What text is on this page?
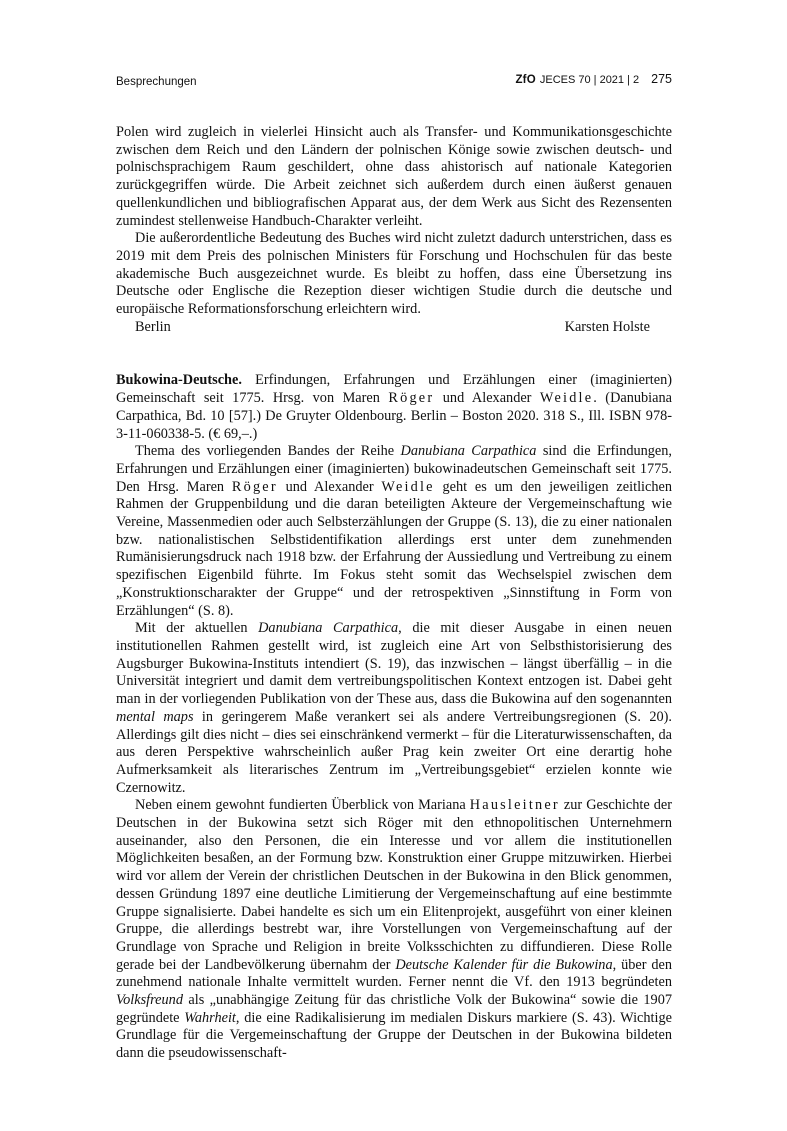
Besprechungen	ZfO JECES 70 | 2021 | 2 275

Polen wird zugleich in vielerlei Hinsicht auch als Transfer- und Kommunikationsgeschichte zwischen dem Reich und den Ländern der polnischen Könige sowie zwischen deutsch- und polnischsprachigem Raum geschildert, ohne dass ahistorisch auf nationale Kategorien zurückgegriffen würde. Die Arbeit zeichnet sich außerdem durch einen äußerst genauen quellenkundlichen und bibliografischen Apparat aus, der dem Werk aus Sicht des Rezensenten zumindest stellenweise Handbuch-Charakter verleiht.

Die außerordentliche Bedeutung des Buches wird nicht zuletzt dadurch unterstrichen, dass es 2019 mit dem Preis des polnischen Ministers für Forschung und Hochschulen für das beste akademische Buch ausgezeichnet wurde. Es bleibt zu hoffen, dass eine Übersetzung ins Deutsche oder Englische die Rezeption dieser wichtigen Studie durch die deutsche und europäische Reformationsforschung erleichtern wird.

Berlin	Karsten Holste

Bukowina-Deutsche. Erfindungen, Erfahrungen und Erzählungen einer (imaginierten) Gemeinschaft seit 1775. Hrsg. von Maren Röger und Alexander Weidle. (Danubiana Carpathica, Bd. 10 [57].) De Gruyter Oldenbourg. Berlin – Boston 2020. 318 S., Ill. ISBN 978-3-11-060338-5. (€ 69,–.)

Thema des vorliegenden Bandes der Reihe Danubiana Carpathica sind die Erfindungen, Erfahrungen und Erzählungen einer (imaginierten) bukowinadeutschen Gemeinschaft seit 1775. Den Hrsg. Maren Röger und Alexander Weidle geht es um den jeweiligen zeitlichen Rahmen der Gruppenbildung und die daran beteiligten Akteure der Vergemeinschaftung wie Vereine, Massenmedien oder auch Selbsterzählungen der Gruppe (S. 13), die zu einer nationalen bzw. nationalistischen Selbstidentifikation allerdings erst unter dem zunehmenden Rumänisierungsdruck nach 1918 bzw. der Erfahrung der Aussiedlung und Vertreibung zu einem spezifischen Eigenbild führte. Im Fokus steht somit das Wechselspiel zwischen dem „Konstruktionscharakter der Gruppe“ und der retrospektiven „Sinnstiftung in Form von Erzählungen“ (S. 8).

Mit der aktuellen Danubiana Carpathica, die mit dieser Ausgabe in einen neuen institutionellen Rahmen gestellt wird, ist zugleich eine Art von Selbsthistorisierung des Augsburger Bukowina-Instituts intendiert (S. 19), das inzwischen – längst überfällig – in die Universität integriert und damit dem vertreibungspolitischen Kontext entzogen ist. Dabei geht man in der vorliegenden Publikation von der These aus, dass die Bukowina auf den sogenannten mental maps in geringerem Maße verankert sei als andere Vertreibungsregionen (S. 20). Allerdings gilt dies nicht – dies sei einschränkend vermerkt – für die Literaturwissenschaften, da aus deren Perspektive wahrscheinlich außer Prag kein zweiter Ort eine derartig hohe Aufmerksamkeit als literarisches Zentrum im „Vertreibungsgebiet“ erzielen konnte wie Czernowitz.

Neben einem gewohnt fundierten Überblick von Mariana Hausleitner zur Geschichte der Deutschen in der Bukowina setzt sich Röger mit den ethnopolitischen Unternehmern auseinander, also den Personen, die ein Interesse und vor allem die institutionellen Möglichkeiten besaßen, an der Formung bzw. Konstruktion einer Gruppe mitzuwirken. Hierbei wird vor allem der Verein der christlichen Deutschen in der Bukowina in den Blick genommen, dessen Gründung 1897 eine deutliche Limitierung der Vergemeinschaftung auf eine bestimmte Gruppe signalisierte. Dabei handelte es sich um ein Elitenprojekt, ausgeführt von einer kleinen Gruppe, die allerdings bestrebt war, ihre Vorstellungen von Vergemeinschaftung auf der Grundlage von Sprache und Religion in breite Volksschichten zu diffundieren. Diese Rolle gerade bei der Landbevölkerung übernahm der Deutsche Kalender für die Bukowina, über den zunehmend nationale Inhalte vermittelt wurden. Ferner nennt die Vf. den 1913 begründeten Volksfreund als „unabhängige Zeitung für das christliche Volk der Bukowina“ sowie die 1907 gegründete Wahrheit, die eine Radikalisierung im medialen Diskurs markiere (S. 43). Wichtige Grundlage für die Vergemeinschaftung der Gruppe der Deutschen in der Bukowina bildeten dann die pseudowissenschaft-
